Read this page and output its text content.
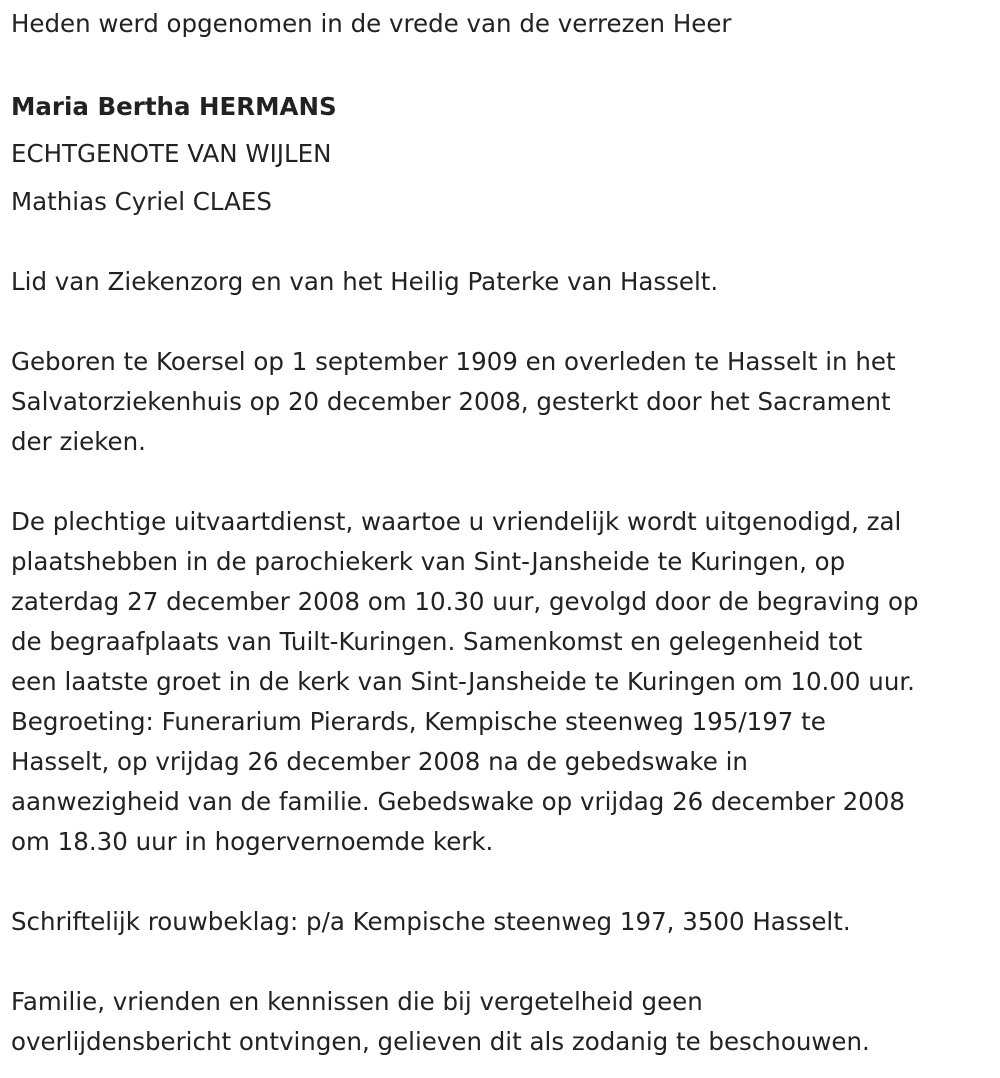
Heden werd opgenomen in de vrede van de verrezen Heer

Maria Bertha HERMANS

ECHTGENOTE VAN WIJLEN

Mathias Cyriel CLAES

Lid van Ziekenzorg en van het Heilig Paterke van Hasselt.

Geboren te Koersel op 1 september 1909 en overleden te Hasselt in het

Salvatorziekenhuis op 20 december 2008, gesterkt door het Sacrament

der zieken.

De plechtige uitvaartdienst, waartoe u vriendelijk wordt uitgenodigd, zal

plaatshebben in de parochiekerk van Sint-Jansheide te Kuringen, op

zaterdag 27 december 2008 om 10.30 uur, gevolgd door de begraving op

de begraafplaats van Tuilt-Kuringen. Samenkomst en gelegenheid tot

een laatste groet in de kerk van Sint-Jansheide te Kuringen om 10.00 uur.

Begroeting: Funerarium Pierards, Kempische steenweg 195/197 te

Hasselt, op vrijdag 26 december 2008 na de gebedswake in

aanwezigheid van de familie. Gebedswake op vrijdag 26 december 2008

om 18.30 uur in hogervernoemde kerk.

Schriftelijk rouwbeklag: p/a Kempische steenweg 197, 3500 Hasselt.

Familie, vrienden en kennissen die bij vergetelheid geen

overlijdensbericht ontvingen, gelieven dit als zodanig te beschouwen.
